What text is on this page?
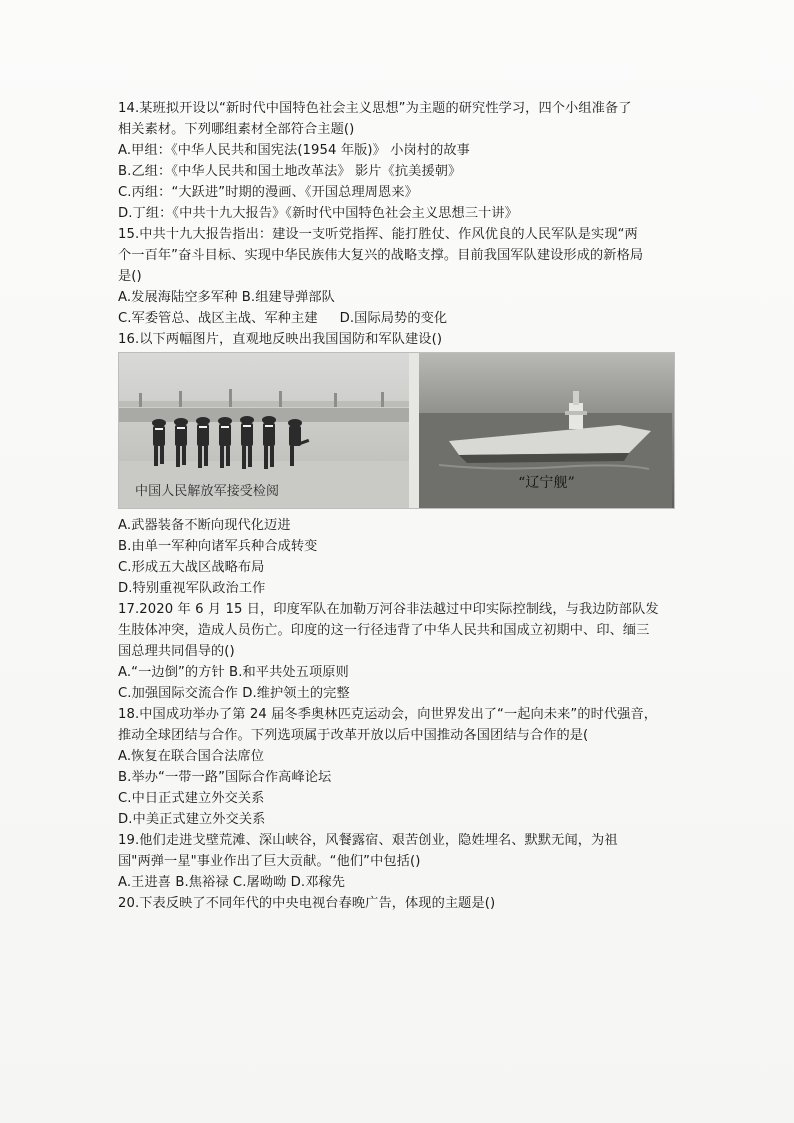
14.某班拟开设以“新时代中国特色社会主义思想”为主题的研究性学习，四个小组准备了
相关素材。下列哪组素材全部符合主题()
A.甲组：《中华人民共和国宪法(1954 年版)》 小岗村的故事
B.乙组：《中华人民共和国土地改革法》 影片《抗美援朝》
C.丙组：“大跃进”时期的漫画、《开国总理周恩来》
D.丁组：《中共十九大报告》《新时代中国特色社会主义思想三十讲》
15.中共十九大报告指出：建设一支听党指挥、能打胜仗、作风优良的人民军队是实现“两
个一百年”奋斗目标、实现中华民族伟大复兴的战略支撑。目前我国军队建设形成的新格局
是()
A.发展海陆空多军种 B.组建导弹部队
C.军委管总、战区主战、军种主建 D.国际局势的变化
16.以下两幅图片，直观地反映出我国国防和军队建设()
中国人民解放军接受检阅
“辽宁舰”
A.武器装备不断向现代化迈进
B.由单一军种向诸军兵种合成转变
C.形成五大战区战略布局
D.特别重视军队政治工作
17.2020 年 6 月 15 日，印度军队在加勒万河谷非法越过中印实际控制线，与我边防部队发
生肢体冲突，造成人员伤亡。印度的这一行径违背了中华人民共和国成立初期中、印、缅三
国总理共同倡导的()
A.“一边倒”的方针 B.和平共处五项原则
C.加强国际交流合作 D.维护领土的完整
18.中国成功举办了第 24 届冬季奥林匹克运动会，向世界发出了“一起向未来”的时代强音，
推动全球团结与合作。下列选项属于改革开放以后中国推动各国团结与合作的是(
A.恢复在联合国合法席位
B.举办“一带一路”国际合作高峰论坛
C.中日正式建立外交关系
D.中美正式建立外交关系
19.他们走进戈壁荒滩、深山峡谷，风餐露宿、艰苦创业，隐姓埋名、默默无闻，为祖
国"两弹一星"事业作出了巨大贡献。“他们”中包括()
A.王进喜 B.焦裕禄 C.屠呦呦 D.邓稼先
20.下表反映了不同年代的中央电视台春晚广告，体现的主题是()
